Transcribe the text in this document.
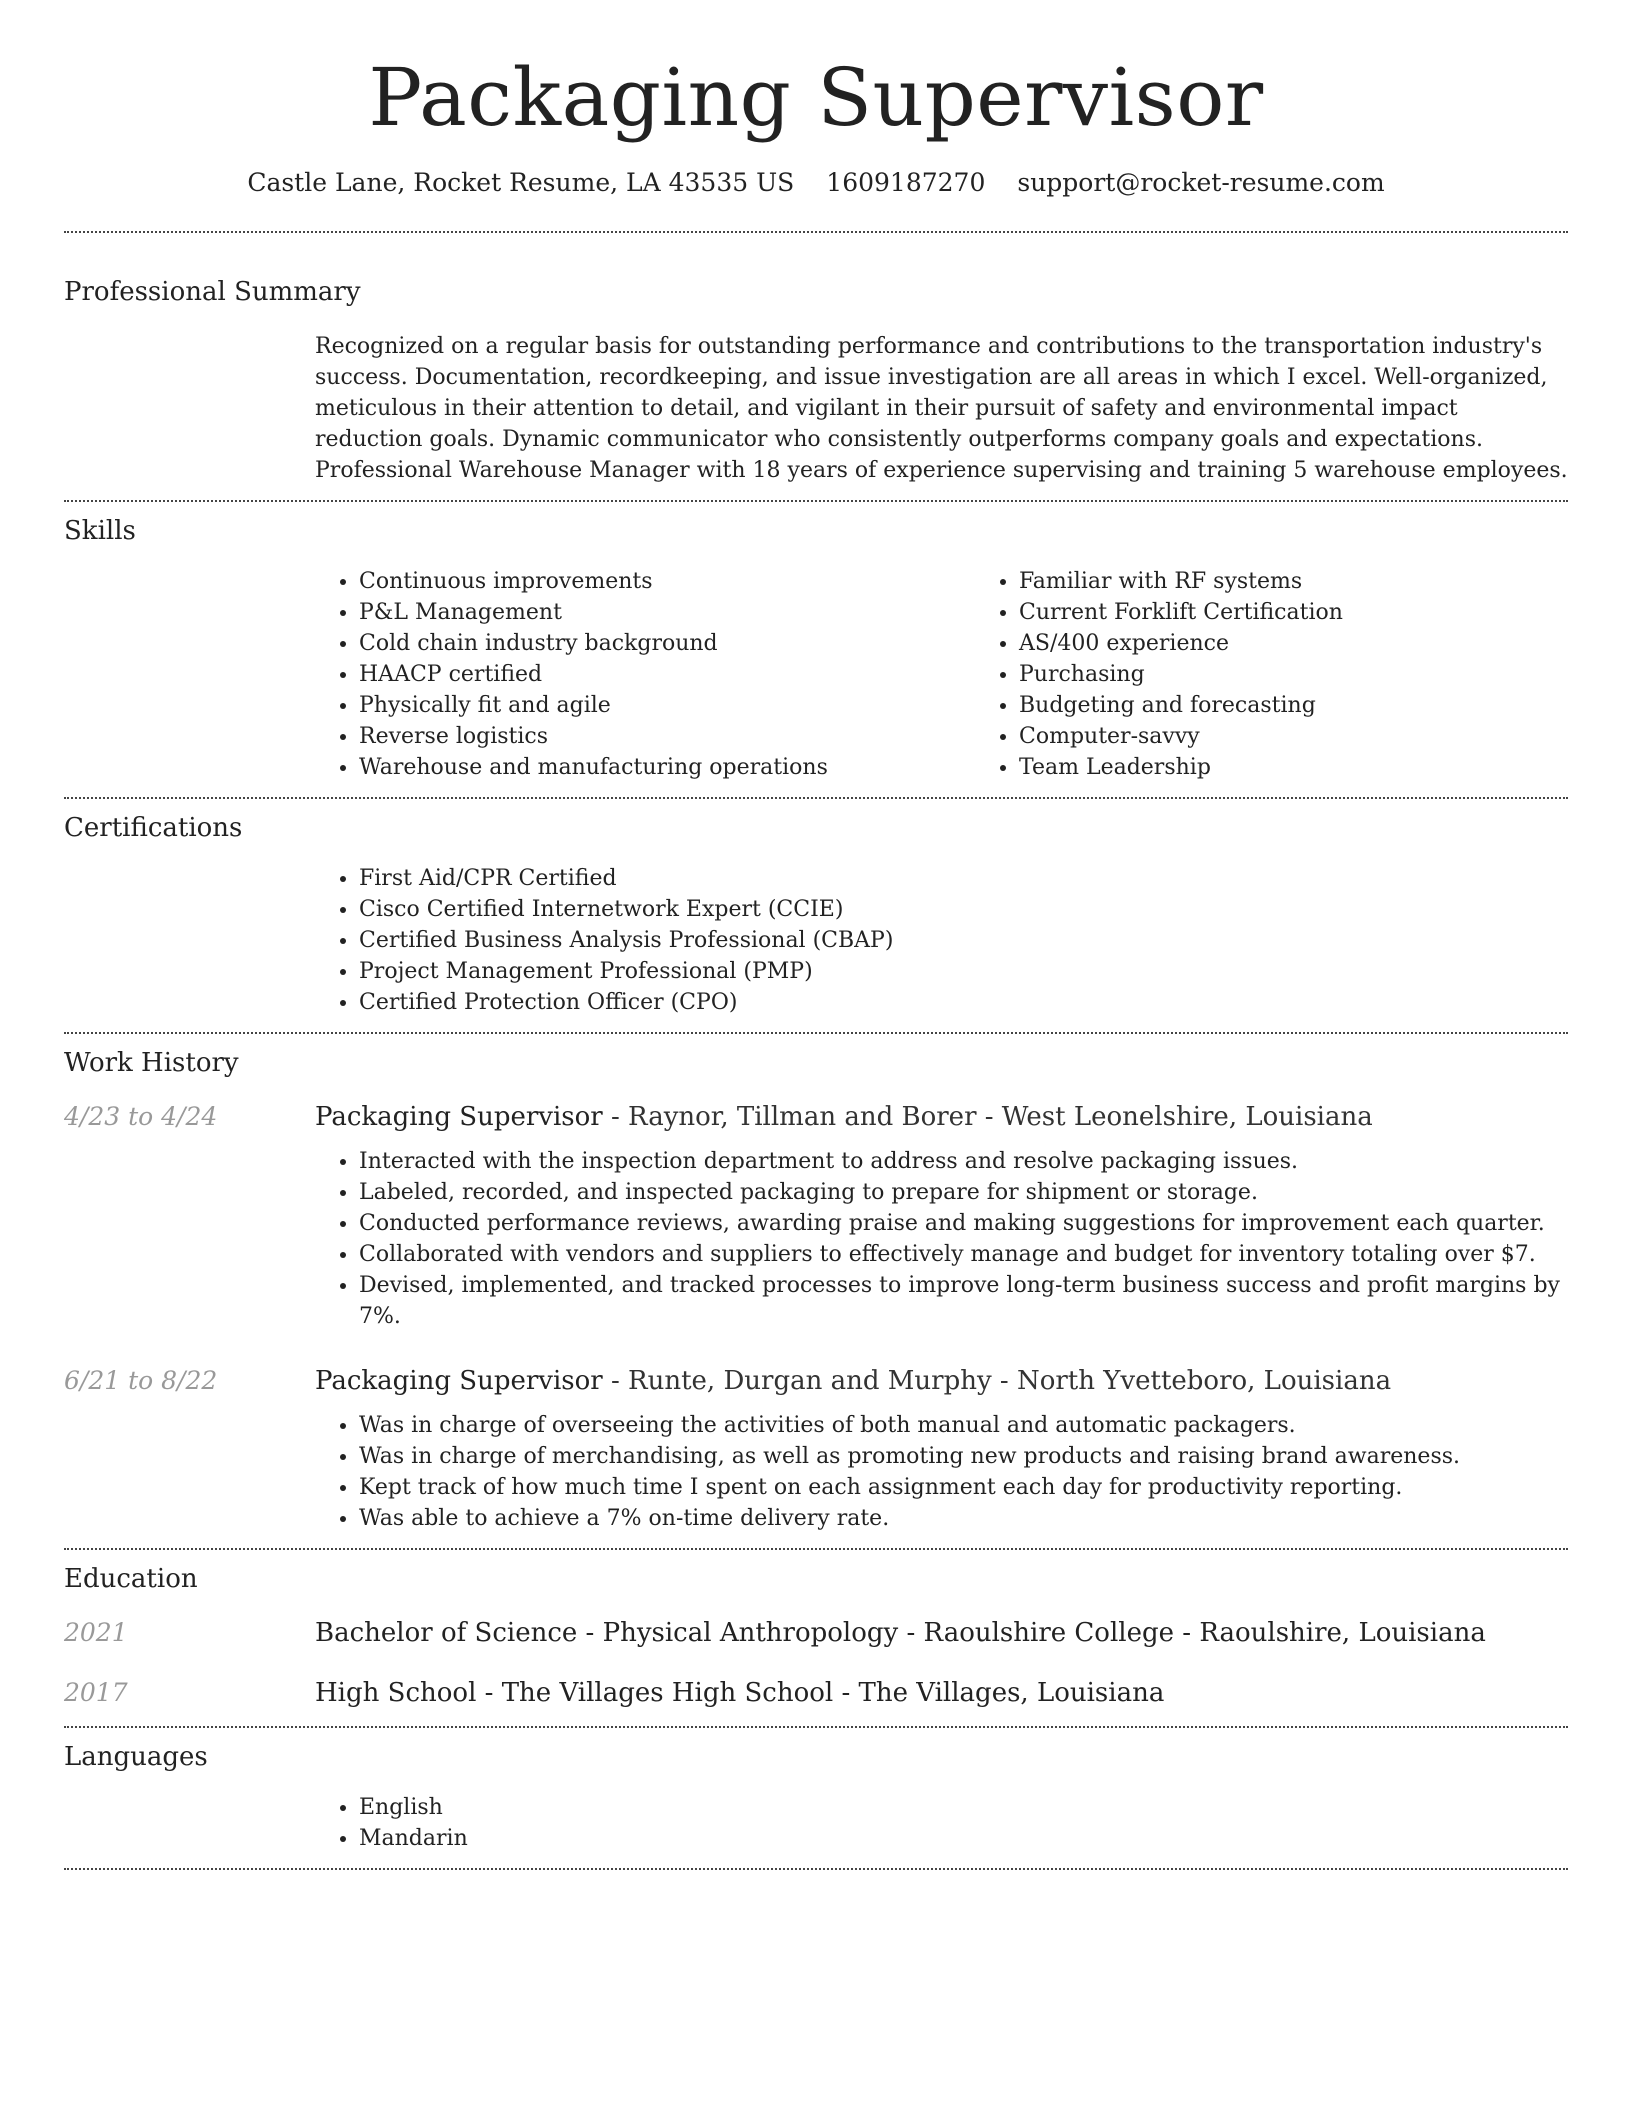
Packaging Supervisor
Castle Lane, Rocket Resume, LA 43535 US 1609187270 support@rocket-resume.com
Professional Summary
Recognized on a regular basis for outstanding performance and contributions to the transportation industry's success. Documentation, recordkeeping, and issue investigation are all areas in which I excel. Well-organized, meticulous in their attention to detail, and vigilant in their pursuit of safety and environmental impact reduction goals. Dynamic communicator who consistently outperforms company goals and expectations. Professional Warehouse Manager with 18 years of experience supervising and training 5 warehouse employees.
Skills
• Continuous improvements
• P&L Management
• Cold chain industry background
• HAACP certified
• Physically fit and agile
• Reverse logistics
• Warehouse and manufacturing operations
• Familiar with RF systems
• Current Forklift Certification
• AS/400 experience
• Purchasing
• Budgeting and forecasting
• Computer-savvy
• Team Leadership
Certifications
• First Aid/CPR Certified
• Cisco Certified Internetwork Expert (CCIE)
• Certified Business Analysis Professional (CBAP)
• Project Management Professional (PMP)
• Certified Protection Officer (CPO)
Work History
4/23 to 4/24	Packaging Supervisor - Raynor, Tillman and Borer - West Leonelshire, Louisiana
• Interacted with the inspection department to address and resolve packaging issues.
• Labeled, recorded, and inspected packaging to prepare for shipment or storage.
• Conducted performance reviews, awarding praise and making suggestions for improvement each quarter.
• Collaborated with vendors and suppliers to effectively manage and budget for inventory totaling over $7.
• Devised, implemented, and tracked processes to improve long-term business success and profit margins by 7%.
6/21 to 8/22	Packaging Supervisor - Runte, Durgan and Murphy - North Yvetteboro, Louisiana
• Was in charge of overseeing the activities of both manual and automatic packagers.
• Was in charge of merchandising, as well as promoting new products and raising brand awareness.
• Kept track of how much time I spent on each assignment each day for productivity reporting.
• Was able to achieve a 7% on-time delivery rate.
Education
2021	Bachelor of Science - Physical Anthropology - Raoulshire College - Raoulshire, Louisiana
2017	High School - The Villages High School - The Villages, Louisiana
Languages
• English
• Mandarin
